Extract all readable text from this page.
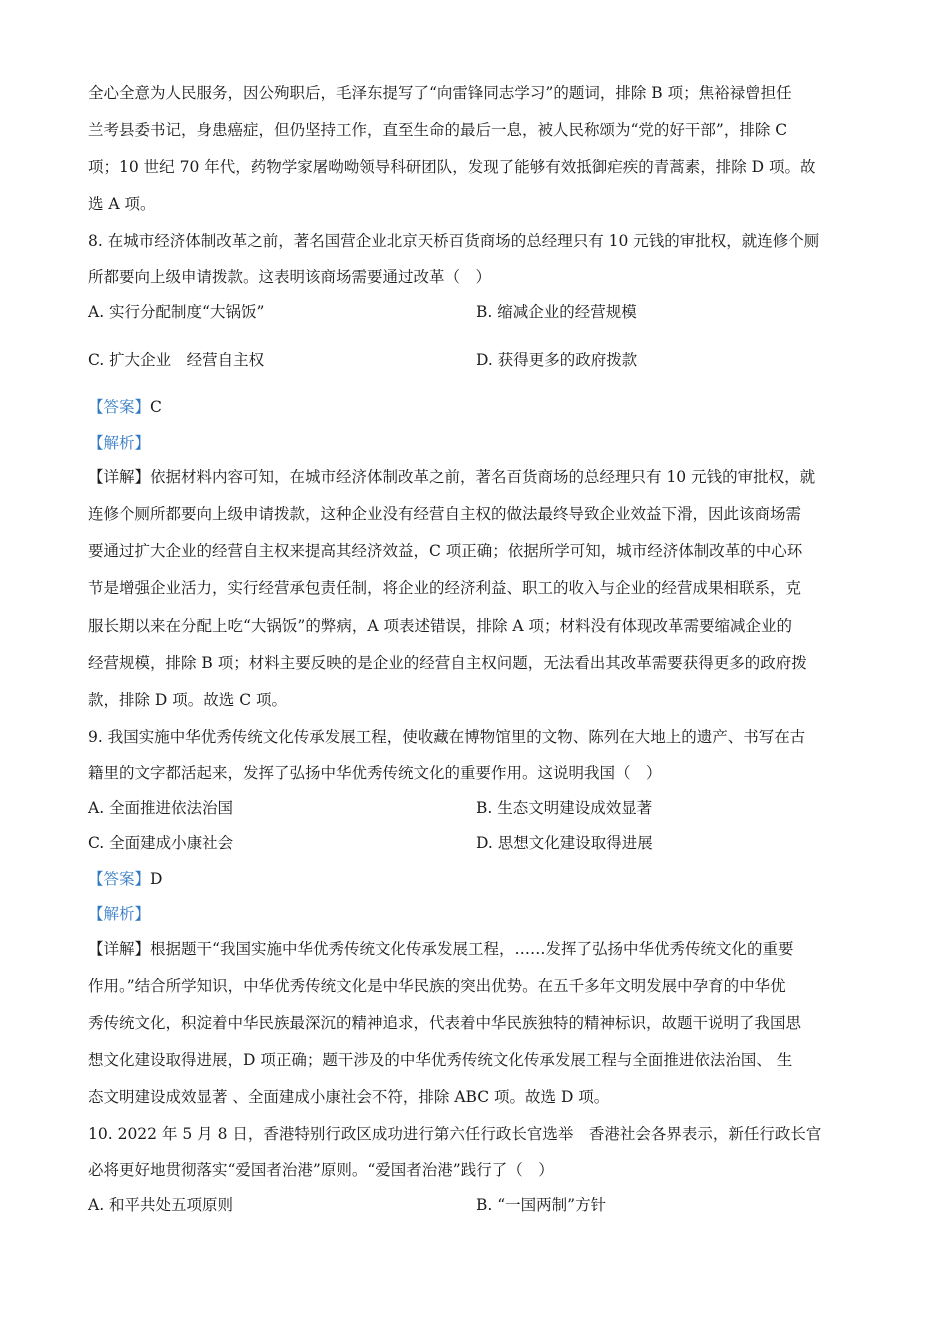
全心全意为人民服务，因公殉职后，毛泽东提写了“向雷锋同志学习”的题词，排除 B 项；焦裕禄曾担任
兰考县委书记，身患癌症，但仍坚持工作，直至生命的最后一息，被人民称颂为“党的好干部”，排除 C
项；10 世纪 70 年代，药物学家屠呦呦领导科研团队，发现了能够有效抵御疟疾的青蒿素，排除 D 项。故
选 A 项。
8. 在城市经济体制改革之前，著名国营企业北京天桥百货商场的总经理只有 10 元钱的审批权，就连修个厕
所都要向上级申请拨款。这表明该商场需要通过改革（　）
A. 实行分配制度“大锅饭”	B. 缩减企业的经营规模
C. 扩大企业　经营自主权	D. 获得更多的政府拨款
【答案】C
【解析】
【详解】依据材料内容可知，在城市经济体制改革之前，著名百货商场的总经理只有 10 元钱的审批权，就
连修个厕所都要向上级申请拨款，这种企业没有经营自主权的做法最终导致企业效益下滑，因此该商场需
要通过扩大企业的经营自主权来提高其经济效益，C 项正确；依据所学可知，城市经济体制改革的中心环
节是增强企业活力，实行经营承包责任制，将企业的经济利益、职工的收入与企业的经营成果相联系，克
服长期以来在分配上吃“大锅饭”的弊病，A 项表述错误，排除 A 项；材料没有体现改革需要缩减企业的
经营规模，排除 B 项；材料主要反映的是企业的经营自主权问题，无法看出其改革需要获得更多的政府拨
款，排除 D 项。故选 C 项。
9. 我国实施中华优秀传统文化传承发展工程，使收藏在博物馆里的文物、陈列在大地上的遗产、书写在古
籍里的文字都活起来，发挥了弘扬中华优秀传统文化的重要作用。这说明我国（　）
A. 全面推进依法治国	B. 生态文明建设成效显著
C. 全面建成小康社会	D. 思想文化建设取得进展
【答案】D
【解析】
【详解】根据题干“我国实施中华优秀传统文化传承发展工程，……发挥了弘扬中华优秀传统文化的重要
作用。”结合所学知识，中华优秀传统文化是中华民族的突出优势。在五千多年文明发展中孕育的中华优
秀传统文化，积淀着中华民族最深沉的精神追求，代表着中华民族独特的精神标识，故题干说明了我国思
想文化建设取得进展，D 项正确；题干涉及的中华优秀传统文化传承发展工程与全面推进依法治国、 生
态文明建设成效显著 、全面建成小康社会不符，排除 ABC 项。故选 D 项。
10. 2022 年 5 月 8 日，香港特别行政区成功进行第六任行政长官选举　香港社会各界表示，新任行政长官
必将更好地贯彻落实“爱国者治港”原则。“爱国者治港”践行了（　）
A. 和平共处五项原则	B. “一国两制”方针
